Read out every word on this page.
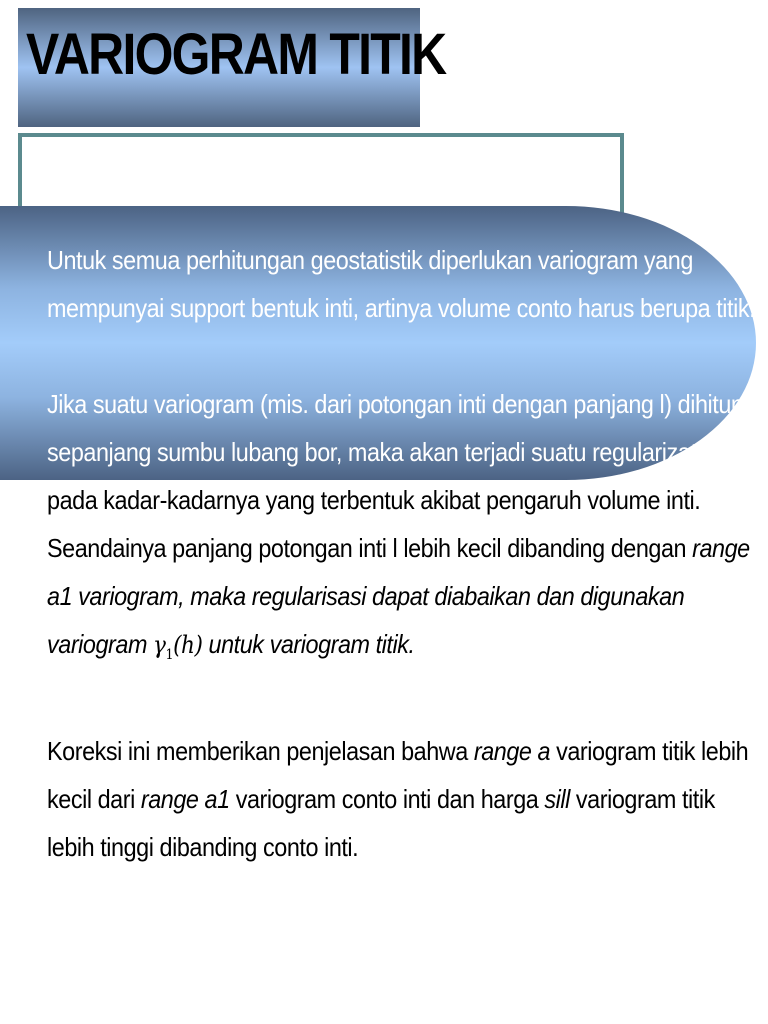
VARIOGRAM TITIK

Untuk semua perhitungan geostatistik diperlukan variogram yang

mempunyai support bentuk inti, artinya volume conto harus berupa titik.

Jika suatu variogram (mis. dari potongan inti dengan panjang l) dihitung

sepanjang sumbu lubang bor, maka akan terjadi suatu regularization

pada kadar-kadarnya yang terbentuk akibat pengaruh volume inti.

Seandainya panjang potongan inti l lebih kecil dibanding dengan range

a1 variogram, maka regularisasi dapat diabaikan dan digunakan

variogram $\gamma_1(h)$ untuk variogram titik.

Koreksi ini memberikan penjelasan bahwa range a variogram titik lebih

kecil dari range a1 variogram conto inti dan harga sill variogram titik

lebih tinggi dibanding conto inti.
